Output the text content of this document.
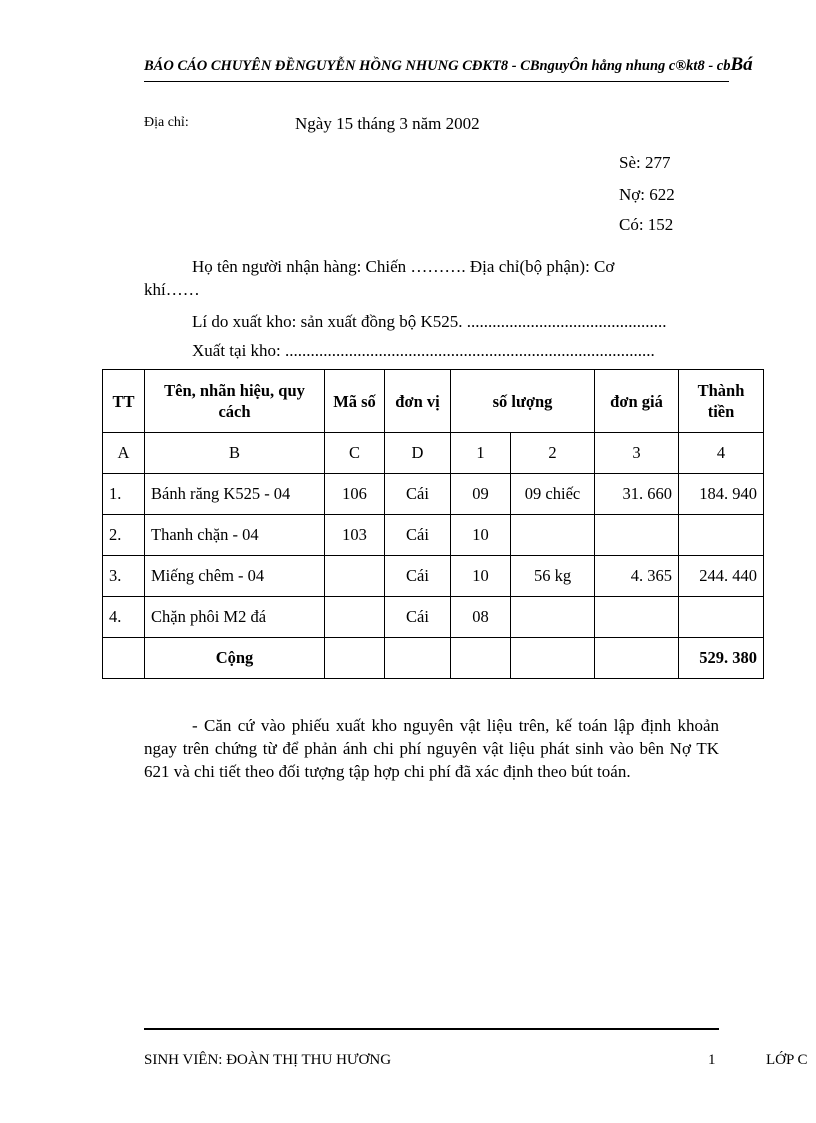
BÁO CÁO CHUYÊN ĐỀNGUYỄN HỒNG NHUNG CĐKT8 - CBnguyÔn hång nhung c®kt8 - cbBá
Địa chỉ:	Ngày 15 tháng 3 năm 2002
Sè: 277
Nợ: 622
Có: 152
Họ tên người nhận hàng: Chiến ………. Địa chỉ(bộ phận): Cơ
khí……
Lí do xuất kho: sản xuất đồng bộ K525. ...............................................
Xuất tại kho: .......................................................................................
TT	Tên, nhãn hiệu, quy cách	Mã số	đơn vị	số lượng		đơn giá	Thành tiền
A	B	C	D	1	2	3	4
1.	Bánh răng K525 - 04	106	Cái	09	09 chiếc	31. 660	184. 940
2.	Thanh chặn - 04	103	Cái	10			
3.	Miếng chêm - 04		Cái	10	56 kg	4. 365	244. 440
4.	Chặn phôi M2 đá		Cái	08			
	Cộng						529. 380
- Căn cứ vào phiếu xuất kho nguyên vật liệu trên, kế toán lập định khoản ngay trên chứng từ để phản ánh chi phí nguyên vật liệu phát sinh vào bên Nợ TK 621 và chi tiết theo đối tượng tập hợp chi phí đã xác định theo bút toán.
SINH VIÊN: ĐOÀN THỊ THU HƯƠNG	1	LỚP C
